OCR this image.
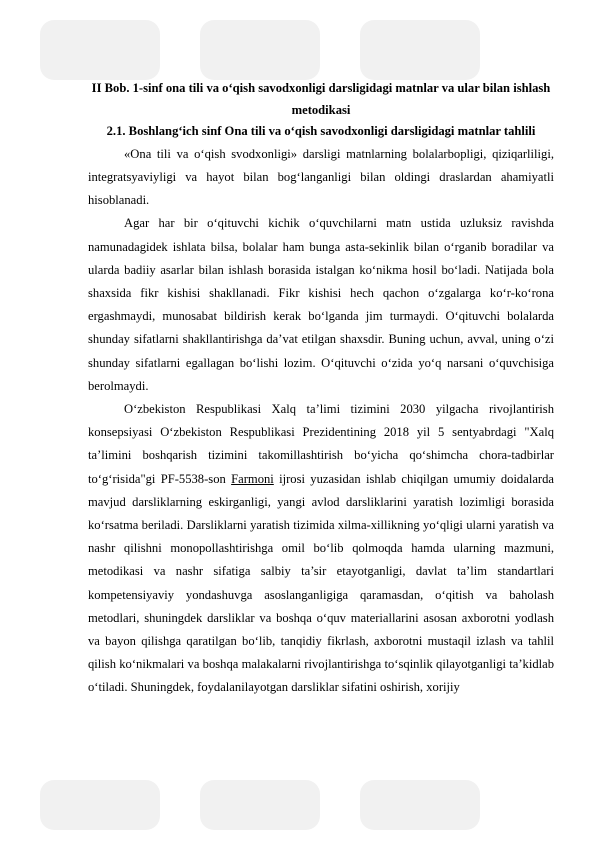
II Bob. 1-sinf ona tili va o‘qish savodxonligi darsligidagi matnlar va ular bilan ishlash metodikasi

2.1. Boshlang‘ich sinf Ona tili va o‘qish savodxonligi darsligidagi matnlar tahlili

«Ona tili va o‘qish svodxonligi» darsligi matnlarning bolalarbopligi, qiziqarliligi, integratsyaviyligi va hayot bilan bog‘langanligi bilan oldingi draslardan ahamiyatli hisoblanadi.

Agar har bir o‘qituvchi kichik o‘quvchilarni matn ustida uzluksiz ravishda namunadagidek ishlata bilsa, bolalar ham bunga asta-sekinlik bilan o‘rganib boradilar va ularda badiiy asarlar bilan ishlash borasida istalgan ko‘nikma hosil bo‘ladi. Natijada bola shaxsida fikr kishisi shakllanadi. Fikr kishisi hech qachon o‘zgalarga ko‘r-ko‘rona ergashmaydi, munosabat bildirish kerak bo‘lganda jim turmaydi. O‘qituvchi bolalarda shunday sifatlarni shakllantirishga da’vat etilgan shaxsdir. Buning uchun, avval, uning o‘zi shunday sifatlarni egallagan bo‘lishi lozim. O‘qituvchi o‘zida yo‘q narsani o‘quvchisiga berolmaydi.

O‘zbekiston Respublikasi Xalq ta’limi tizimini 2030 yilgacha rivojlantirish konsepsiyasi O‘zbekiston Respublikasi Prezidentining 2018 yil 5 sentyabrdagi "Xalq ta’limini boshqarish tizimini takomillashtirish bo‘yicha qo‘shimcha chora-tadbirlar to‘g‘risida"gi PF-5538-son Farmoni ijrosi yuzasidan ishlab chiqilgan umumiy doidalarda mavjud darsliklarning eskirganligi, yangi avlod darsliklarini yaratish lozimligi borasida ko‘rsatma beriladi. Darsliklarni yaratish tizimida xilma-xillikning yo‘qligi ularni yaratish va nashr qilishni monopollashtirishga omil bo‘lib qolmoqda hamda ularning mazmuni, metodikasi va nashr sifatiga salbiy ta’sir etayotganligi, davlat ta’lim standartlari kompetensiyaviy yondashuvga asoslanganligiga qaramasdan, o‘qitish va baholash metodlari, shuningdek darsliklar va boshqa o‘quv materiallarini asosan axborotni yodlash va bayon qilishga qaratilgan bo‘lib, tanqidiy fikrlash, axborotni mustaqil izlash va tahlil qilish ko‘nikmalari va boshqa malakalarni rivojlantirishga to‘sqinlik qilayotganligi ta’kidlab o‘tiladi. Shuningdek, foydalanilayotgan darsliklar sifatini oshirish, xorijiy
